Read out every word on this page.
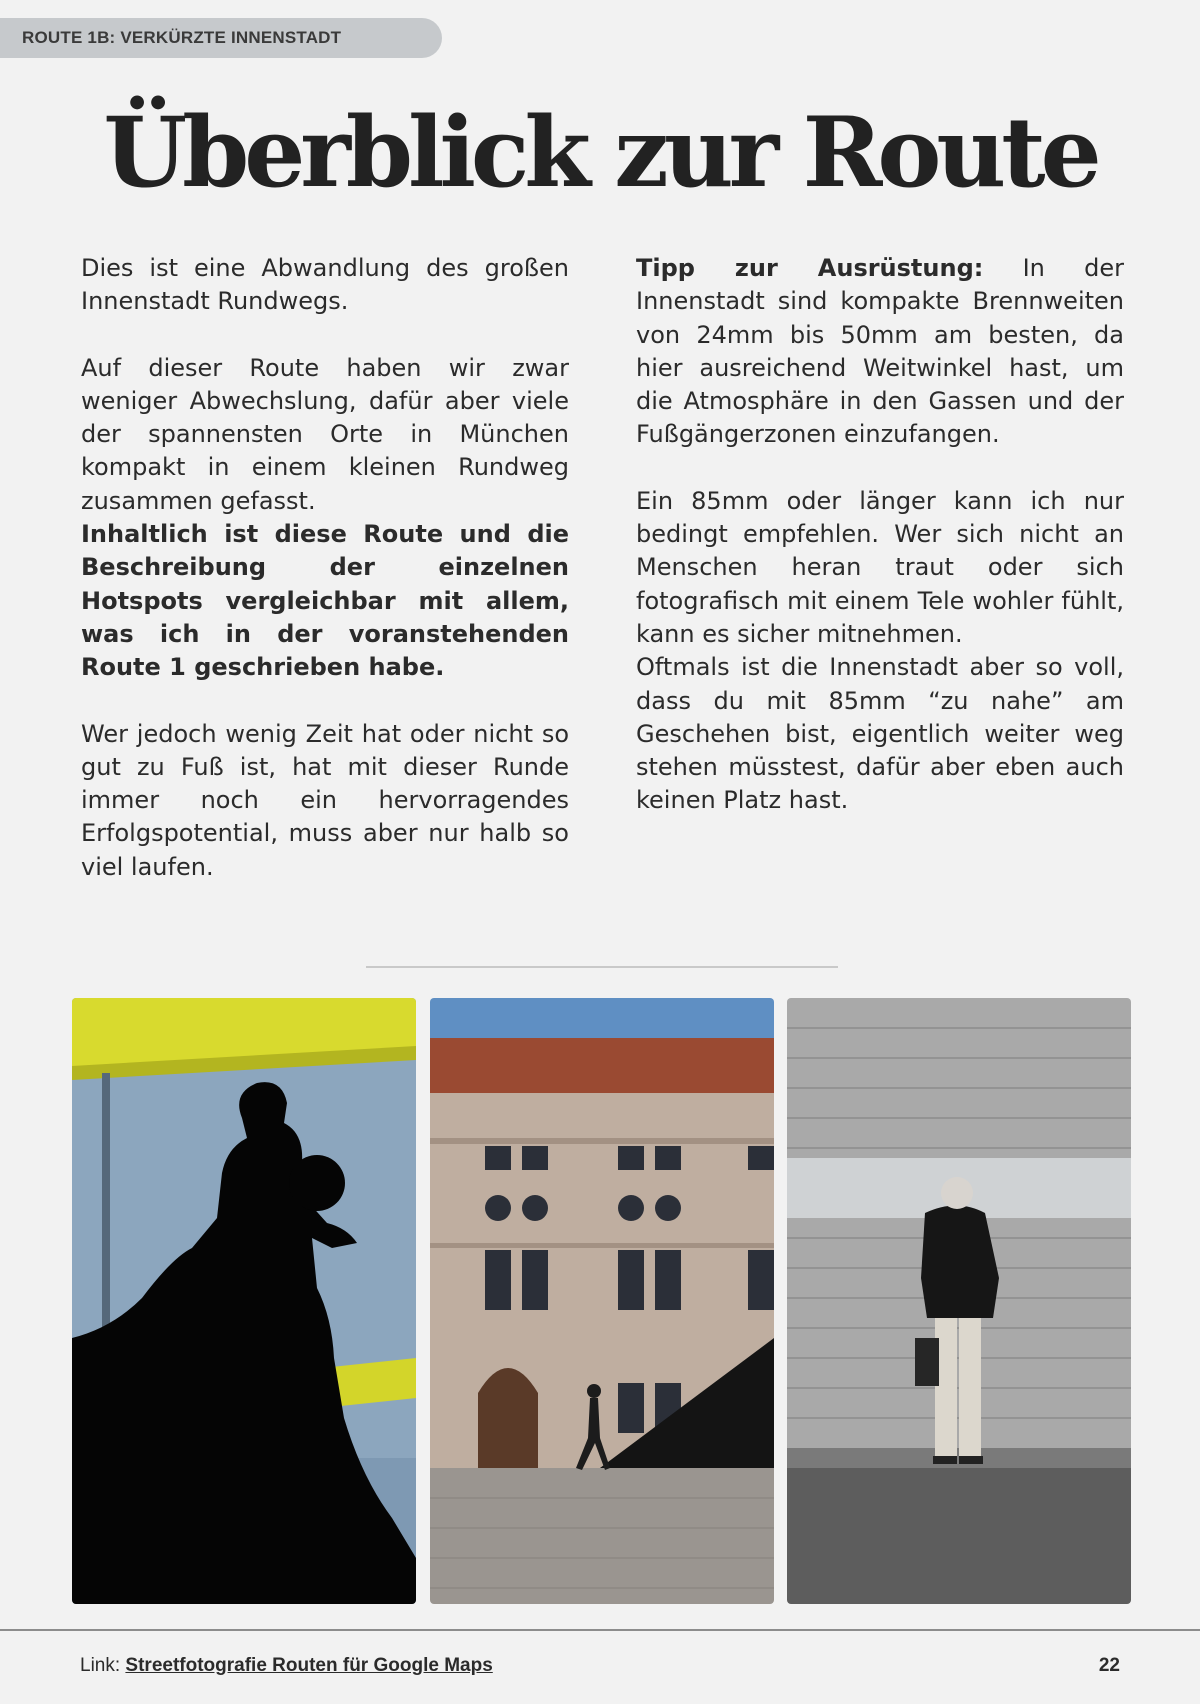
ROUTE 1B: VERKÜRZTE INNENSTADT
Überblick zur Route

Dies ist eine Abwandlung des großen Innenstadt Rundwegs.

Auf dieser Route haben wir zwar weniger Abwechslung, dafür aber viele der spannensten Orte in München kompakt in einem kleinen Rundweg zusammen gefasst.

Inhaltlich ist diese Route und die Beschreibung der einzelnen Hotspots vergleichbar mit allem, was ich in der voranstehenden Route 1 geschrieben habe.

Wer jedoch wenig Zeit hat oder nicht so gut zu Fuß ist, hat mit dieser Runde immer noch ein hervorragendes Erfolgspotential, muss aber nur halb so viel laufen.

Tipp zur Ausrüstung: In der Innenstadt sind kompakte Brennweiten von 24mm bis 50mm am besten, da hier ausreichend Weitwinkel hast, um die Atmosphäre in den Gassen und der Fußgängerzonen einzufangen.

Ein 85mm oder länger kann ich nur bedingt empfehlen. Wer sich nicht an Menschen heran traut oder sich fotografisch mit einem Tele wohler fühlt, kann es sicher mitnehmen.

Oftmals ist die Innenstadt aber so voll, dass du mit 85mm “zu nahe” am Geschehen bist, eigentlich weiter weg stehen müsstest, dafür aber eben auch keinen Platz hast.

Link: Streetfotografie Routen für Google Maps	22
